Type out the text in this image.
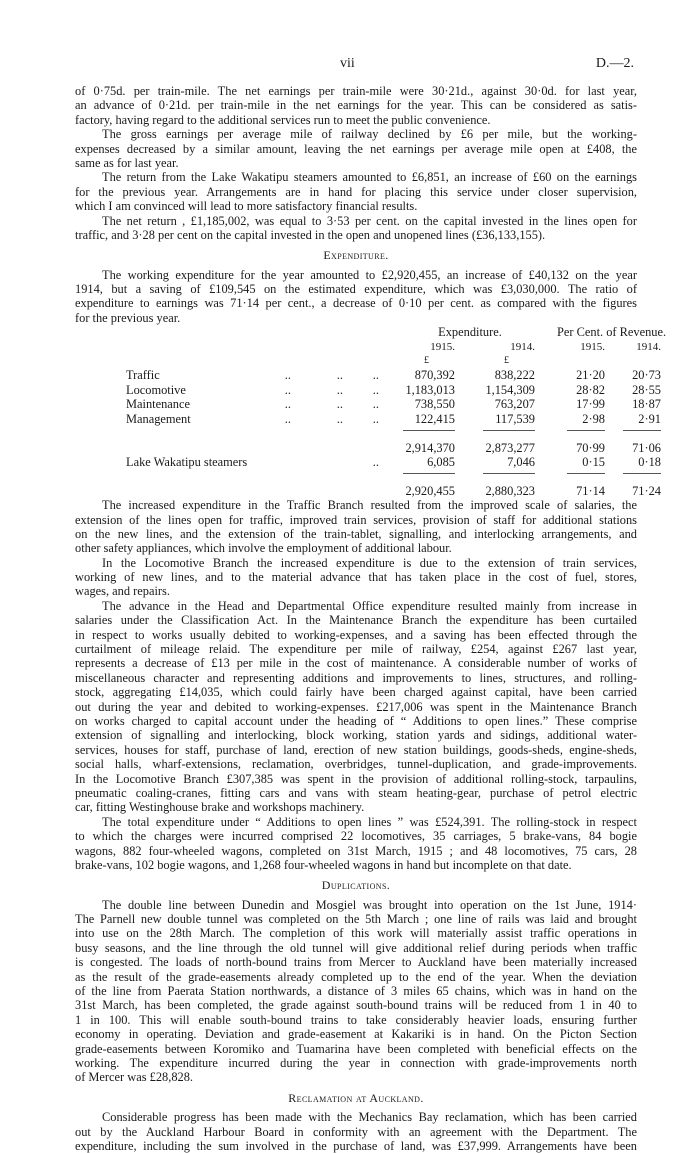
vii	D.—2.
of 0·75d. per train-mile. The net earnings per train-mile were 30·21d., against 30·0d. for last year,
an advance of 0·21d. per train-mile in the net earnings for the year. This can be considered as satis-
factory, having regard to the additional services run to meet the public convenience.
The gross earnings per average mile of railway declined by £6 per mile, but the working-
expenses decreased by a similar amount, leaving the net earnings per average mile open at £408, the
same as for last year.
The return from the Lake Wakatipu steamers amounted to £6,851, an increase of £60 on the earnings
for the previous year. Arrangements are in hand for placing this service under closer supervision,
which I am convinced will lead to more satisfactory financial results.
The net return , £1,185,002, was equal to 3·53 per cent. on the capital invested in the lines open for
traffic, and 3·28 per cent on the capital invested in the open and unopened lines (£36,133,155).
Expenditure.
The working expenditure for the year amounted to £2,920,455, an increase of £40,132 on the year
1914, but a saving of £109,545 on the estimated expenditure, which was £3,030,000. The ratio of
expenditure to earnings was 71·14 per cent., a decrease of 0·10 per cent. as compared with the figures
for the previous year.
				Expenditure.		Per Cent. of Revenue.		
				1915.	1914.	1915.	1914.	
				£	£			
Traffic	..	..	..	870,392	838,222	21·20	20·73	
Locomotive	..	..	..	1,183,013	1,154,309	28·82	28·55	
Maintenance	..	..	..	738,550	763,207	17·99	18·87	
Management	..	..	..	122,415	117,539	2·98	2·91	

				2,914,370	2,873,277	70·99	71·06	
Lake Wakatipu steamers			..	6,085	7,046	0·15	0·18	

				2,920,455	2,880,323	71·14	71·24	
The increased expenditure in the Traffic Branch resulted from the improved scale of salaries, the
extension of the lines open for traffic, improved train services, provision of staff for additional stations
on the new lines, and the extension of the train-tablet, signalling, and interlocking arrangements, and
other safety appliances, which involve the employment of additional labour.
In the Locomotive Branch the increased expenditure is due to the extension of train services,
working of new lines, and to the material advance that has taken place in the cost of fuel, stores,
wages, and repairs.
The advance in the Head and Departmental Office expenditure resulted mainly from increase in
salaries under the Classification Act. In the Maintenance Branch the expenditure has been curtailed
in respect to works usually debited to working-expenses, and a saving has been effected through the
curtailment of mileage relaid. The expenditure per mile of railway, £254, against £267 last year,
represents a decrease of £13 per mile in the cost of maintenance. A considerable number of works of
miscellaneous character and representing additions and improvements to lines, structures, and rolling-
stock, aggregating £14,035, which could fairly have been charged against capital, have been carried
out during the year and debited to working-expenses. £217,006 was spent in the Maintenance Branch
on works charged to capital account under the heading of “ Additions to open lines.” These comprise
extension of signalling and interlocking, block working, station yards and sidings, additional water-
services, houses for staff, purchase of land, erection of new station buildings, goods-sheds, engine-sheds,
social halls, wharf-extensions, reclamation, overbridges, tunnel-duplication, and grade-improvements.
In the Locomotive Branch £307,385 was spent in the provision of additional rolling-stock, tarpaulins,
pneumatic coaling-cranes, fitting cars and vans with steam heating-gear, purchase of petrol electric
car, fitting Westinghouse brake and workshops machinery.
The total expenditure under “ Additions to open lines ” was £524,391. The rolling-stock in respect
to which the charges were incurred comprised 22 locomotives, 35 carriages, 5 brake-vans, 84 bogie
wagons, 882 four-wheeled wagons, completed on 31st March, 1915 ; and 48 locomotives, 75 cars, 28
brake-vans, 102 bogie wagons, and 1,268 four-wheeled wagons in hand but incomplete on that date.
Duplications.
The double line between Dunedin and Mosgiel was brought into operation on the 1st June, 1914·
The Parnell new double tunnel was completed on the 5th March ; one line of rails was laid and brought
into use on the 28th March. The completion of this work will materially assist traffic operations in
busy seasons, and the line through the old tunnel will give additional relief during periods when traffic
is congested. The loads of north-bound trains from Mercer to Auckland have been materially increased
as the result of the grade-easements already completed up to the end of the year. When the deviation
of the line from Paerata Station northwards, a distance of 3 miles 65 chains, which was in hand on the
31st March, has been completed, the grade against south-bound trains will be reduced from 1 in 40 to
1 in 100. This will enable south-bound trains to take considerably heavier loads, ensuring further
economy in operating. Deviation and grade-easement at Kakariki is in hand. On the Picton Section
grade-easements between Koromiko and Tuamarina have been completed with beneficial effects on the
working. The expenditure incurred during the year in connection with grade-improvements north
of Mercer was £28,828.
Reclamation at Auckland.
Considerable progress has been made with the Mechanics Bay reclamation, which has been carried
out by the Auckland Harbour Board in conformity with an agreement with the Department. The
expenditure, including the sum involved in the purchase of land, was £37,999. Arrangements have been
